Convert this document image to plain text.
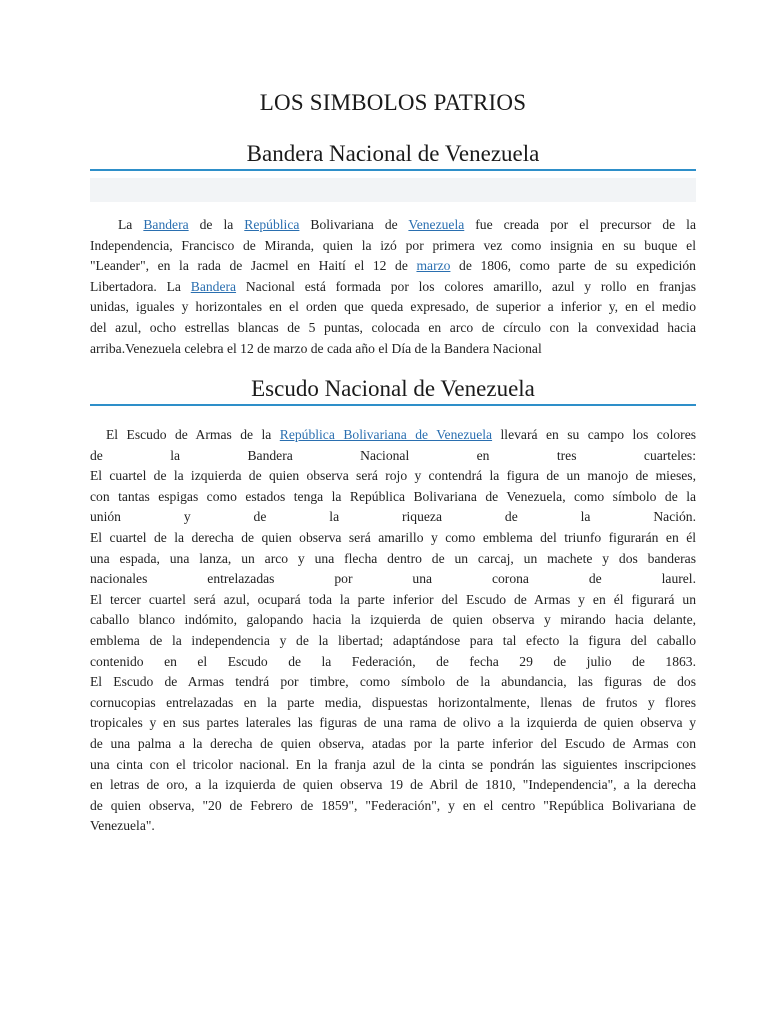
LOS SIMBOLOS PATRIOS
Bandera Nacional de Venezuela
La Bandera de la República Bolivariana de Venezuela fue creada por el precursor de la
Independencia, Francisco de Miranda, quien la izó por primera vez como insignia en su buque el
"Leander", en la rada de Jacmel en Haití el 12 de marzo de 1806, como parte de su expedición
Libertadora. La Bandera Nacional está formada por los colores amarillo, azul y rollo en franjas
unidas, iguales y horizontales en el orden que queda expresado, de superior a inferior y, en el medio
del azul, ocho estrellas blancas de 5 puntas, colocada en arco de círculo con la convexidad hacia
arriba.Venezuela celebra el 12 de marzo de cada año el Día de la Bandera Nacional
Escudo Nacional de Venezuela
El Escudo de Armas de la República Bolivariana de Venezuela llevará en su campo los colores
de la Bandera Nacional en tres cuarteles:
El cuartel de la izquierda de quien observa será rojo y contendrá la figura de un manojo de mieses,
con tantas espigas como estados tenga la República Bolivariana de Venezuela, como símbolo de la
unión y de la riqueza de la Nación.
El cuartel de la derecha de quien observa será amarillo y como emblema del triunfo figurarán en él
una espada, una lanza, un arco y una flecha dentro de un carcaj, un machete y dos banderas
nacionales entrelazadas por una corona de laurel.
El tercer cuartel será azul, ocupará toda la parte inferior del Escudo de Armas y en él figurará un
caballo blanco indómito, galopando hacia la izquierda de quien observa y mirando hacia delante,
emblema de la independencia y de la libertad; adaptándose para tal efecto la figura del caballo
contenido en el Escudo de la Federación, de fecha 29 de julio de 1863.
El Escudo de Armas tendrá por timbre, como símbolo de la abundancia, las figuras de dos
cornucopias entrelazadas en la parte media, dispuestas horizontalmente, llenas de frutos y flores
tropicales y en sus partes laterales las figuras de una rama de olivo a la izquierda de quien observa y
de una palma a la derecha de quien observa, atadas por la parte inferior del Escudo de Armas con
una cinta con el tricolor nacional. En la franja azul de la cinta se pondrán las siguientes inscripciones
en letras de oro, a la izquierda de quien observa 19 de Abril de 1810, "Independencia", a la derecha
de quien observa, "20 de Febrero de 1859", "Federación", y en el centro "República Bolivariana de
Venezuela".
